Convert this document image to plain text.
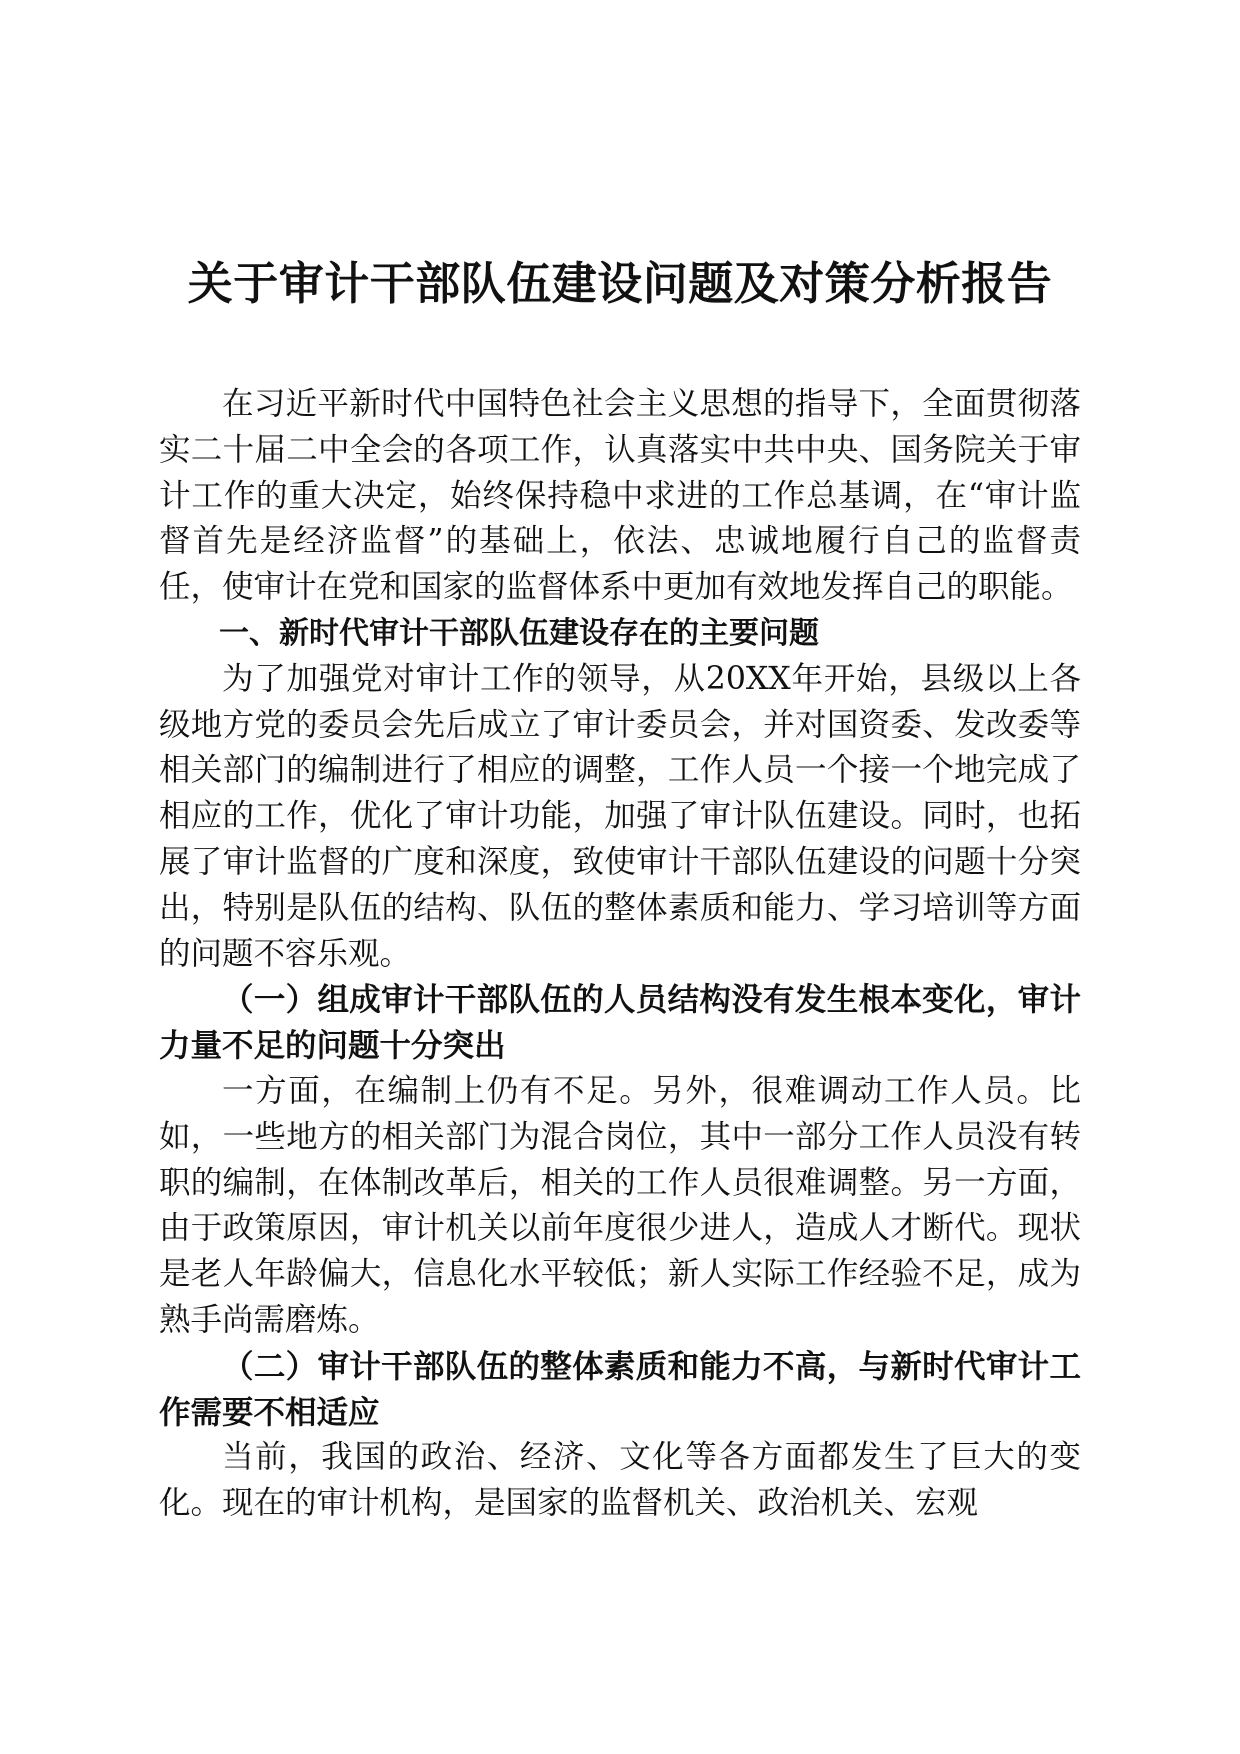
关于审计干部队伍建设问题及对策分析报告

在习近平新时代中国特色社会主义思想的指导下，全面贯彻落实二十届二中全会的各项工作，认真落实中共中央、国务院关于审计工作的重大决定，始终保持稳中求进的工作总基调，在“审计监督首先是经济监督”的基础上，依法、忠诚地履行自己的监督责任，使审计在党和国家的监督体系中更加有效地发挥自己的职能。

一、新时代审计干部队伍建设存在的主要问题

为了加强党对审计工作的领导，从20XX年开始，县级以上各级地方党的委员会先后成立了审计委员会，并对国资委、发改委等相关部门的编制进行了相应的调整，工作人员一个接一个地完成了相应的工作，优化了审计功能，加强了审计队伍建设。同时，也拓展了审计监督的广度和深度，致使审计干部队伍建设的问题十分突出，特别是队伍的结构、队伍的整体素质和能力、学习培训等方面的问题不容乐观。

（一）组成审计干部队伍的人员结构没有发生根本变化，审计力量不足的问题十分突出

一方面，在编制上仍有不足。另外，很难调动工作人员。比如，一些地方的相关部门为混合岗位，其中一部分工作人员没有转职的编制，在体制改革后，相关的工作人员很难调整。另一方面，由于政策原因，审计机关以前年度很少进人，造成人才断代。现状是老人年龄偏大，信息化水平较低；新人实际工作经验不足，成为熟手尚需磨炼。

（二）审计干部队伍的整体素质和能力不高，与新时代审计工作需要不相适应

当前，我国的政治、经济、文化等各方面都发生了巨大的变化。现在的审计机构，是国家的监督机关、政治机关、宏观
